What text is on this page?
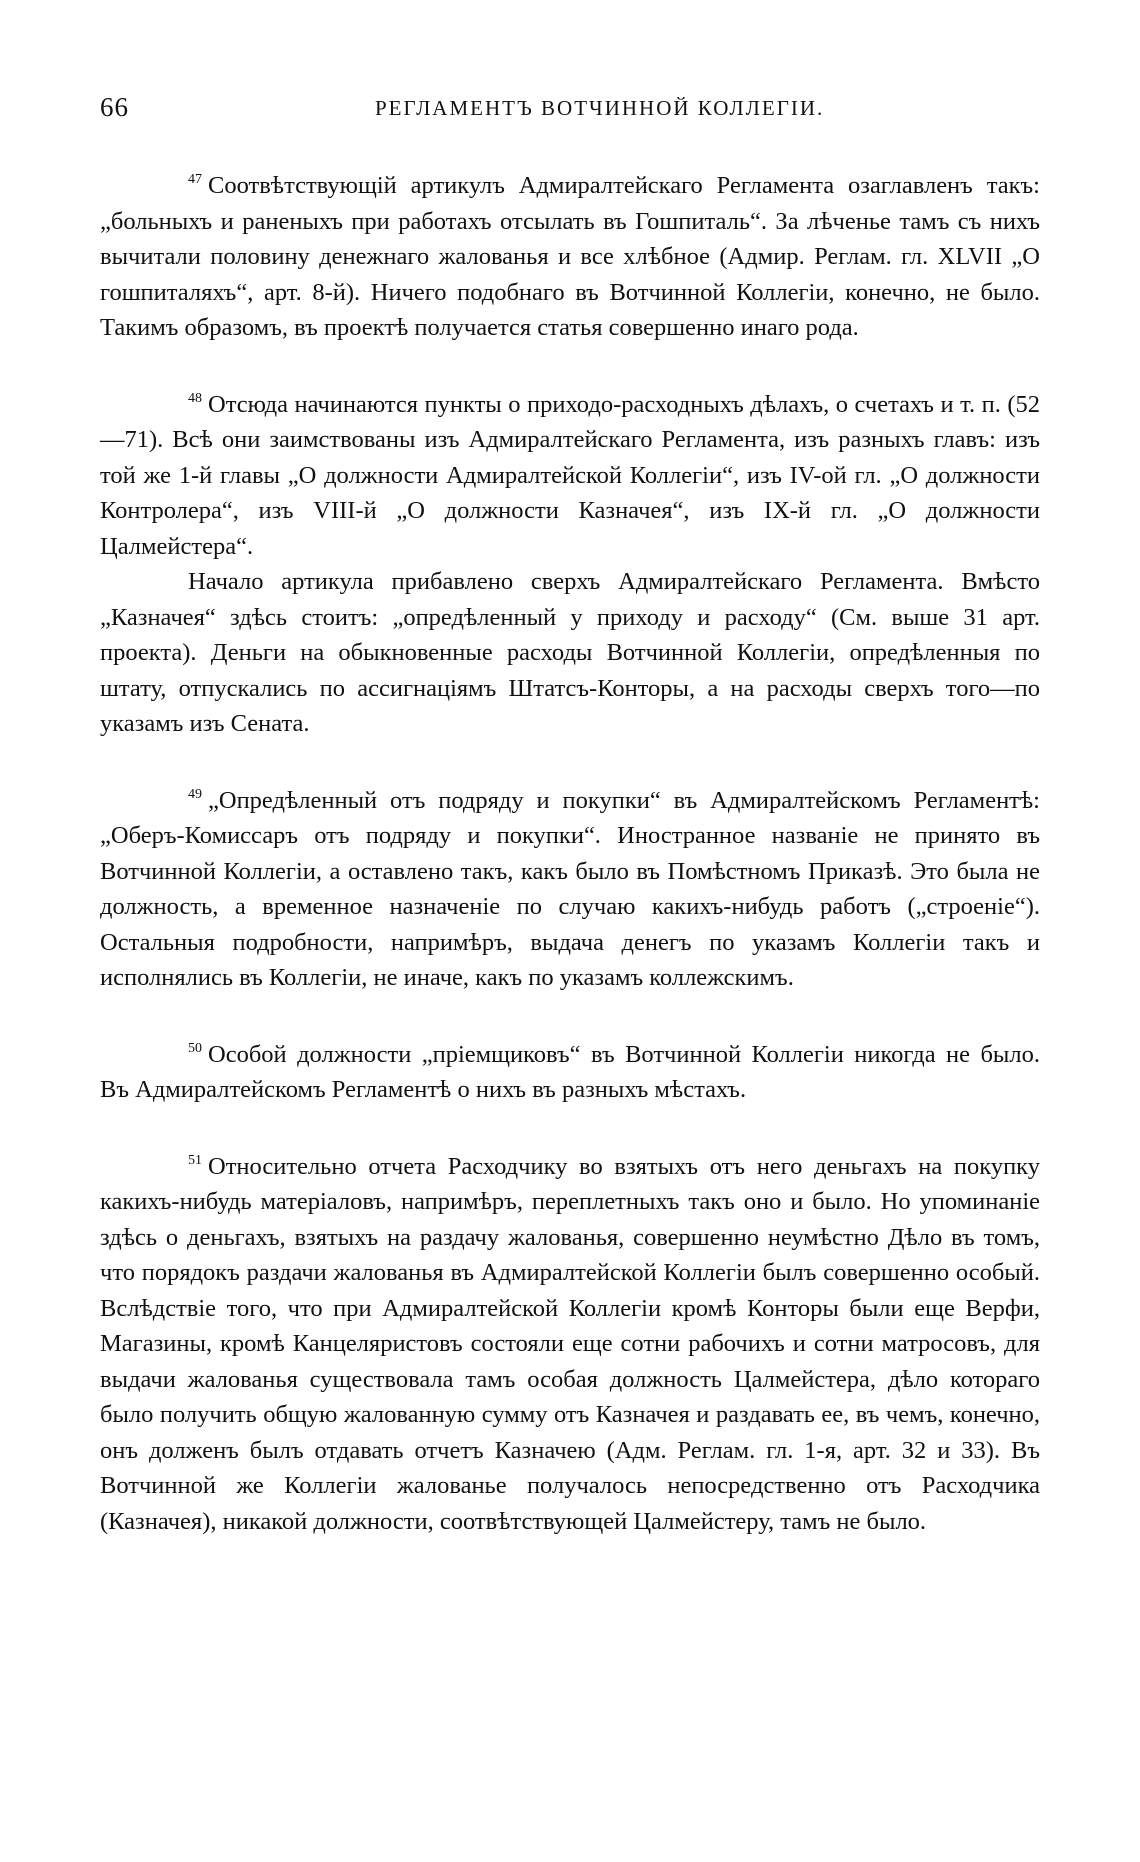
66	РЕГЛАМЕНТЪ ВОТЧИННОЙ КОЛЛЕГІИ.

$^{47}$ Соотвѣтствующій артикулъ Адмиралтейскаго Регламента озаглавленъ такъ: „больныхъ и раненыхъ при работахъ отсылать въ Гошпиталь“. За лѣченье тамъ съ нихъ вычитали половину денежнаго жалованья и все хлѣбное (Адмир. Реглам. гл. XLVII „О гошпиталяхъ“, арт. 8-й). Ничего подобнаго въ Вотчинной Коллегіи, конечно, не было. Такимъ образомъ, въ проектѣ получается статья совершенно инаго рода.

$^{48}$ Отсюда начинаются пункты о приходо-расходныхъ дѣлахъ, о счетахъ и т. п. (52—71). Всѣ они заимствованы изъ Адмиралтейскаго Регламента, изъ разныхъ главъ: изъ той же 1-й главы „О должности Адмиралтейской Коллегіи“, изъ IV-ой гл. „О должности Контролера“, изъ VIII-й „О должности Казначея“, изъ IX-й гл. „О должности Цалмейстера“.

Начало артикула прибавлено сверхъ Адмиралтейскаго Регламента. Вмѣсто „Казначея“ здѣсь стоитъ: „опредѣленный у приходу и расходу“ (См. выше 31 арт. проекта). Деньги на обыкновенные расходы Вотчинной Коллегіи, опредѣленныя по штату, отпускались по ассигнаціямъ Штатсъ-Конторы, а на расходы сверхъ того—по указамъ изъ Сената.

$^{49}$ „Опредѣленный отъ подряду и покупки“ въ Адмиралтейскомъ Регламентѣ: „Оберъ-Комиссаръ отъ подряду и покупки“. Иностранное названіе не принято въ Вотчинной Коллегіи, а оставлено такъ, какъ было въ Помѣстномъ Приказѣ. Это была не должность, а временное назначеніе по случаю какихъ-нибудь работъ („строеніе“). Остальныя подробности, напримѣръ, выдача денегъ по указамъ Коллегіи такъ и исполнялись въ Коллегіи, не иначе, какъ по указамъ коллежскимъ.

$^{50}$ Особой должности „пріемщиковъ“ въ Вотчинной Коллегіи никогда не было. Въ Адмиралтейскомъ Регламентѣ о нихъ въ разныхъ мѣстахъ.

$^{51}$ Относительно отчета Расходчику во взятыхъ отъ него деньгахъ на покупку какихъ-нибудь матеріаловъ, напримѣръ, переплетныхъ такъ оно и было. Но упоминаніе здѣсь о деньгахъ, взятыхъ на раздачу жалованья, совершенно неумѣстно Дѣло въ томъ, что порядокъ раздачи жалованья въ Адмиралтейской Коллегіи былъ совершенно особый. Вслѣдствіе того, что при Адмиралтейской Коллегіи кромѣ Конторы были еще Верфи, Магазины, кромѣ Канцеляристовъ состояли еще сотни рабочихъ и сотни матросовъ, для выдачи жалованья существовала тамъ особая должность Цалмейстера, дѣло котораго было получить общую жалованную сумму отъ Казначея и раздавать ее, въ чемъ, конечно, онъ долженъ былъ отдавать отчетъ Казначею (Адм. Реглам. гл. 1-я, арт. 32 и 33). Въ Вотчинной же Коллегіи жалованье получалось непосредственно отъ Расходчика (Казначея), никакой должности, соотвѣтствующей Цалмейстеру, тамъ не было.
